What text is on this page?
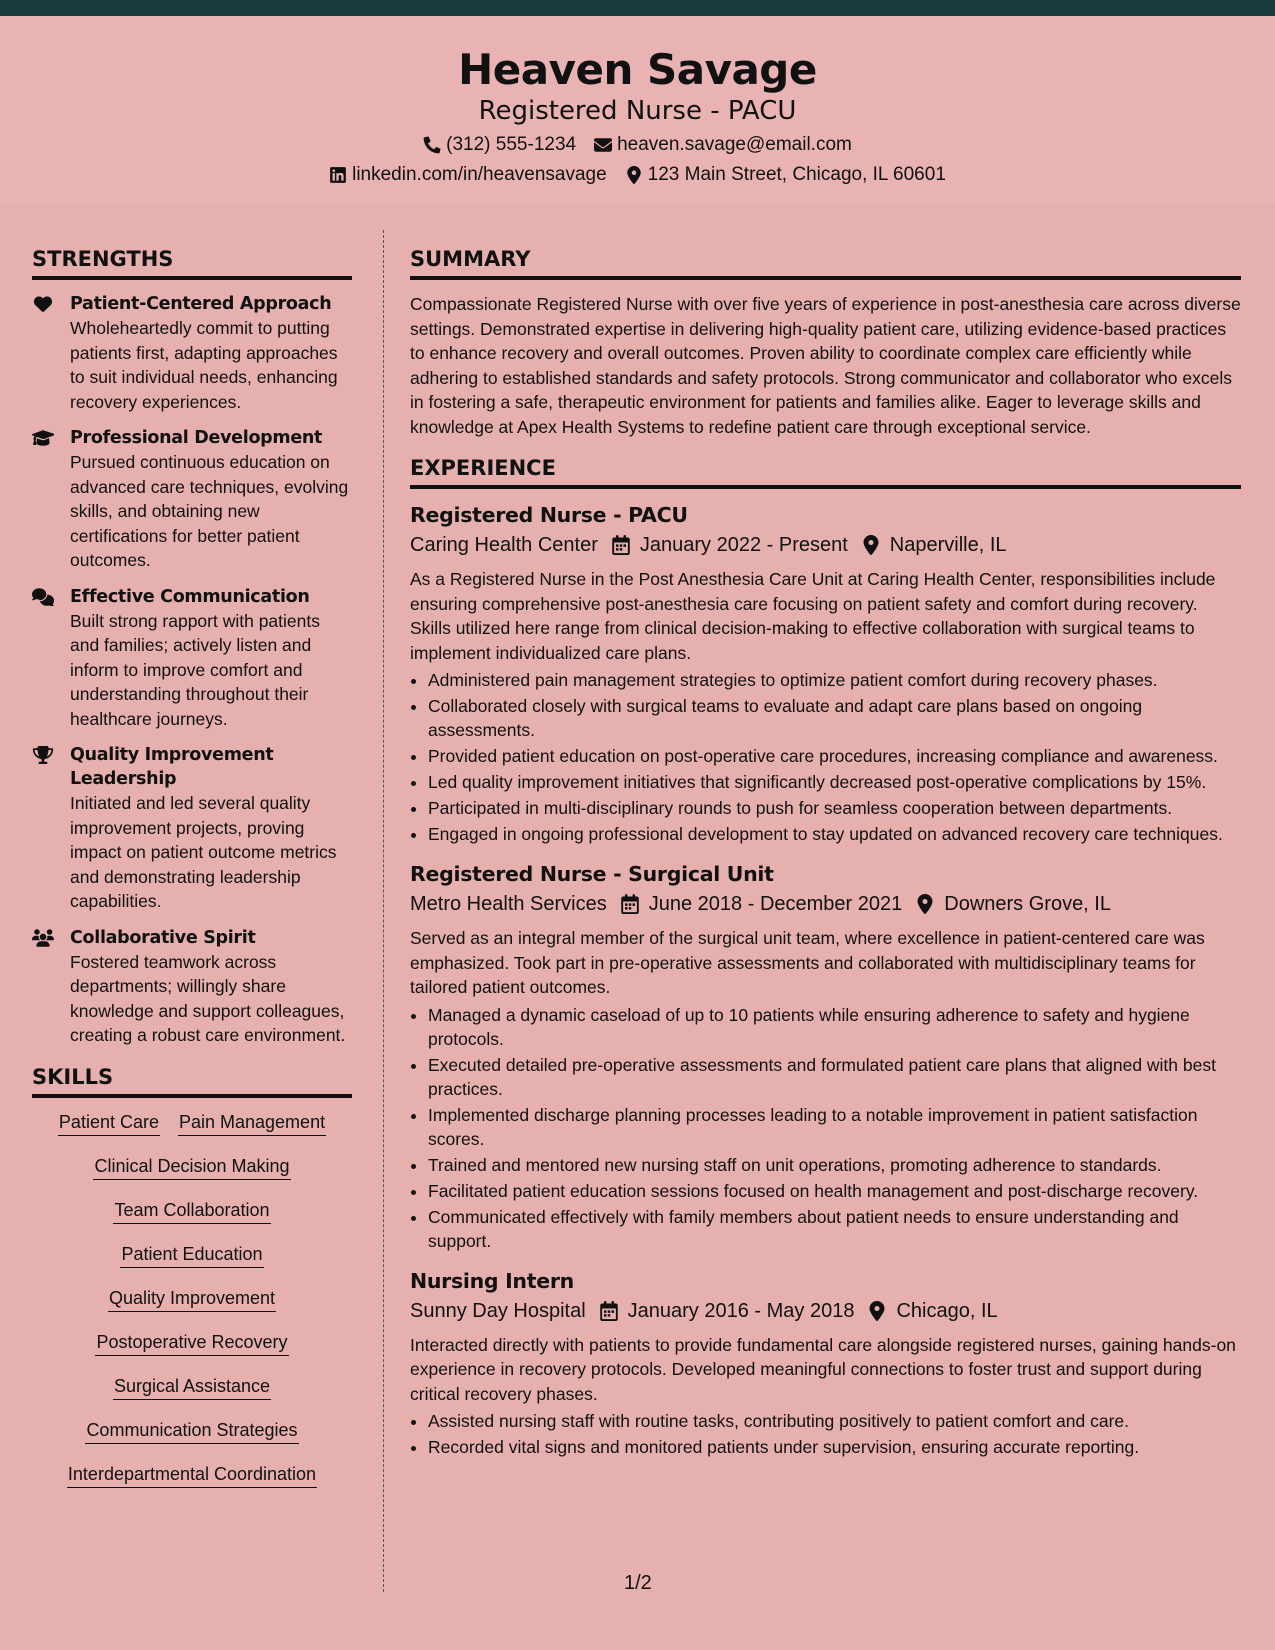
Heaven Savage
Registered Nurse - PACU
(312) 555-1234 heaven.savage@email.com
linkedin.com/in/heavensavage 123 Main Street, Chicago, IL 60601
STRENGTHS
Patient-Centered Approach
Wholeheartedly commit to putting patients first, adapting approaches to suit individual needs, enhancing recovery experiences.
Professional Development
Pursued continuous education on advanced care techniques, evolving skills, and obtaining new certifications for better patient outcomes.
Effective Communication
Built strong rapport with patients and families; actively listen and inform to improve comfort and understanding throughout their healthcare journeys.
Quality Improvement Leadership
Initiated and led several quality improvement projects, proving impact on patient outcome metrics and demonstrating leadership capabilities.
Collaborative Spirit
Fostered teamwork across departments; willingly share knowledge and support colleagues, creating a robust care environment.
SKILLS
Patient Care Pain Management
Clinical Decision Making
Team Collaboration
Patient Education
Quality Improvement
Postoperative Recovery
Surgical Assistance
Communication Strategies
Interdepartmental Coordination
SUMMARY
Compassionate Registered Nurse with over five years of experience in post-anesthesia care across diverse settings. Demonstrated expertise in delivering high-quality patient care, utilizing evidence-based practices to enhance recovery and overall outcomes. Proven ability to coordinate complex care efficiently while adhering to established standards and safety protocols. Strong communicator and collaborator who excels in fostering a safe, therapeutic environment for patients and families alike. Eager to leverage skills and knowledge at Apex Health Systems to redefine patient care through exceptional service.
EXPERIENCE
Registered Nurse - PACU
Caring Health Center January 2022 - Present Naperville, IL
As a Registered Nurse in the Post Anesthesia Care Unit at Caring Health Center, responsibilities include ensuring comprehensive post-anesthesia care focusing on patient safety and comfort during recovery. Skills utilized here range from clinical decision-making to effective collaboration with surgical teams to implement individualized care plans.
• Administered pain management strategies to optimize patient comfort during recovery phases.
• Collaborated closely with surgical teams to evaluate and adapt care plans based on ongoing assessments.
• Provided patient education on post-operative care procedures, increasing compliance and awareness.
• Led quality improvement initiatives that significantly decreased post-operative complications by 15%.
• Participated in multi-disciplinary rounds to push for seamless cooperation between departments.
• Engaged in ongoing professional development to stay updated on advanced recovery care techniques.
Registered Nurse - Surgical Unit
Metro Health Services June 2018 - December 2021 Downers Grove, IL
Served as an integral member of the surgical unit team, where excellence in patient-centered care was emphasized. Took part in pre-operative assessments and collaborated with multidisciplinary teams for tailored patient outcomes.
• Managed a dynamic caseload of up to 10 patients while ensuring adherence to safety and hygiene protocols.
• Executed detailed pre-operative assessments and formulated patient care plans that aligned with best practices.
• Implemented discharge planning processes leading to a notable improvement in patient satisfaction scores.
• Trained and mentored new nursing staff on unit operations, promoting adherence to standards.
• Facilitated patient education sessions focused on health management and post-discharge recovery.
• Communicated effectively with family members about patient needs to ensure understanding and support.
Nursing Intern
Sunny Day Hospital January 2016 - May 2018 Chicago, IL
Interacted directly with patients to provide fundamental care alongside registered nurses, gaining hands-on experience in recovery protocols. Developed meaningful connections to foster trust and support during critical recovery phases.
• Assisted nursing staff with routine tasks, contributing positively to patient comfort and care.
• Recorded vital signs and monitored patients under supervision, ensuring accurate reporting.
1/2
